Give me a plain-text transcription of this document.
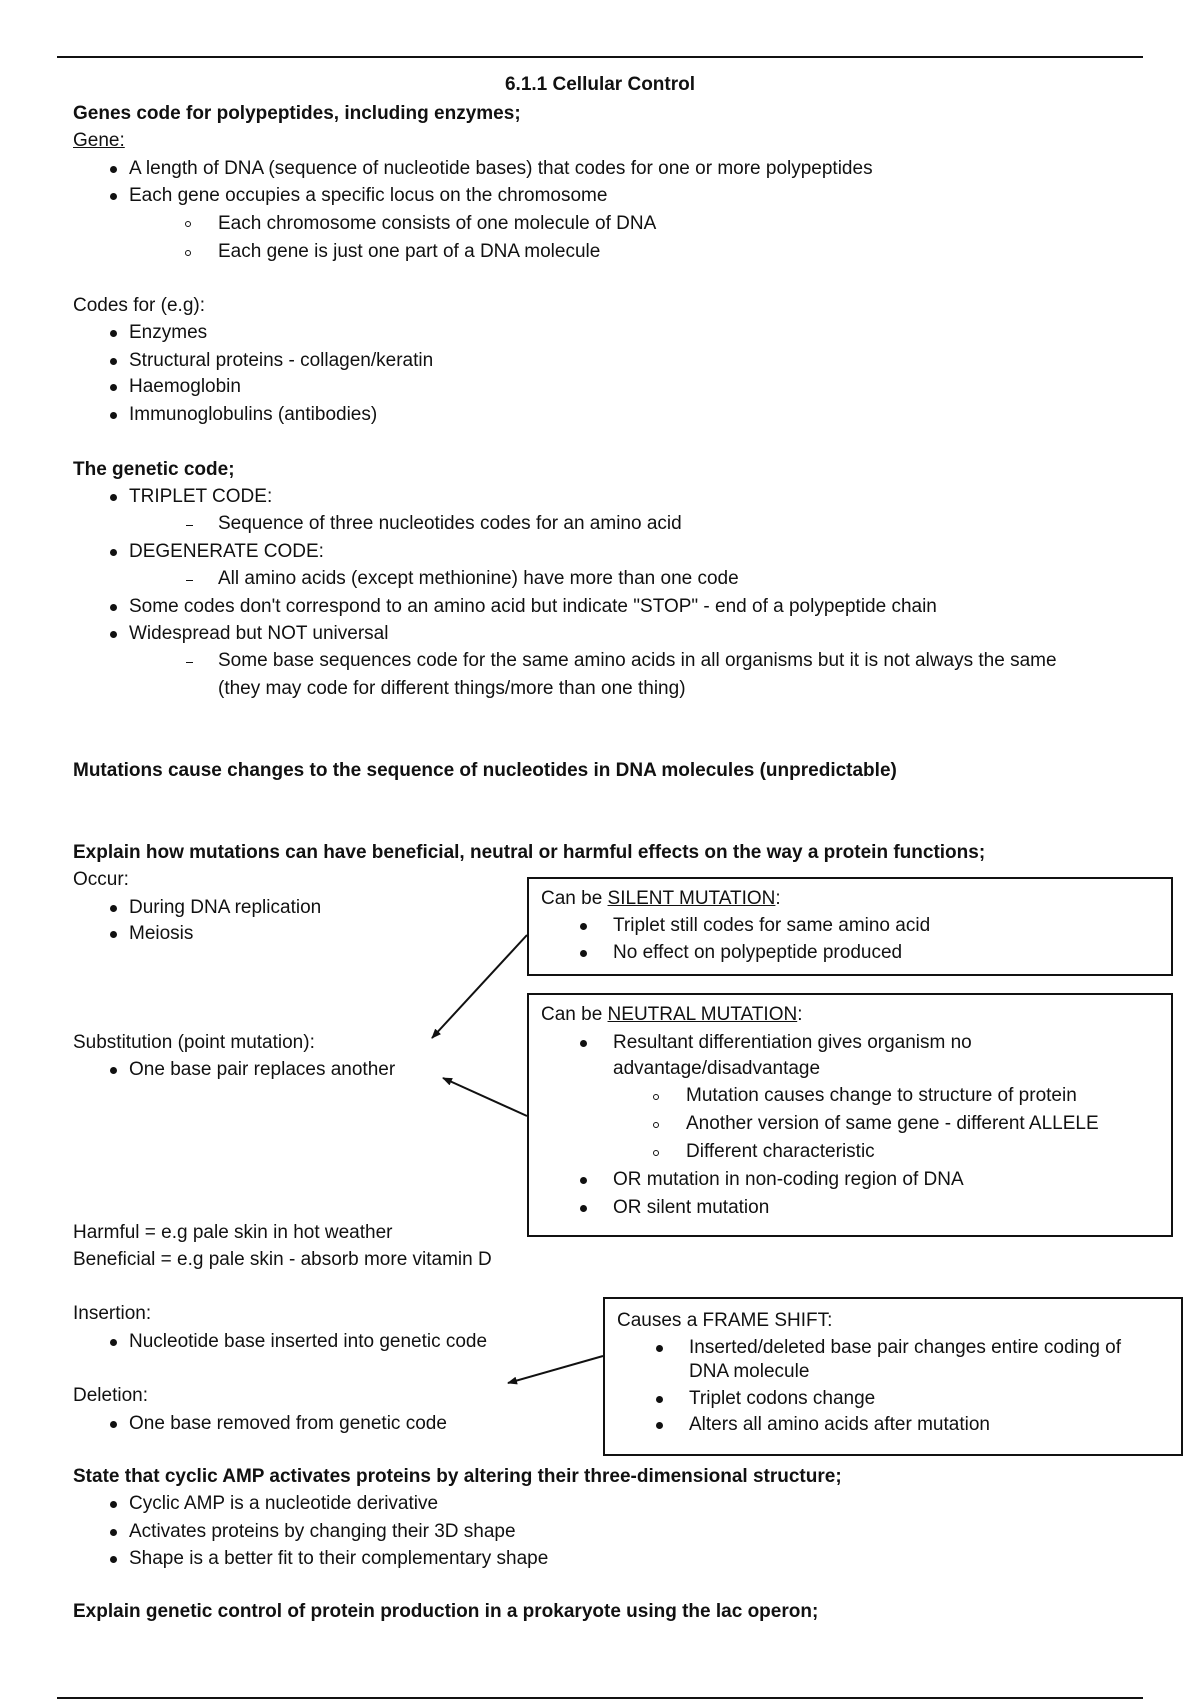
6.1.1 Cellular Control
Genes code for polypeptides, including enzymes;
Gene:
A length of DNA (sequence of nucleotide bases) that codes for one or more polypeptides
Each gene occupies a specific locus on the chromosome
Each chromosome consists of one molecule of DNA
Each gene is just one part of a DNA molecule
Codes for (e.g):
Enzymes
Structural proteins - collagen/keratin
Haemoglobin
Immunoglobulins (antibodies)
The genetic code;
TRIPLET CODE:
Sequence of three nucleotides codes for an amino acid
DEGENERATE CODE:
All amino acids (except methionine) have more than one code
Some codes don't correspond to an amino acid but indicate "STOP" - end of a polypeptide chain
Widespread but NOT universal
Some base sequences code for the same amino acids in all organisms but it is not always the same
(they may code for different things/more than one thing)
Mutations cause changes to the sequence of nucleotides in DNA molecules (unpredictable)
Explain how mutations can have beneficial, neutral or harmful effects on the way a protein functions;
Occur:
During DNA replication
Meiosis
Substitution (point mutation):
One base pair replaces another
Harmful = e.g pale skin in hot weather
Beneficial = e.g pale skin - absorb more vitamin D
Can be SILENT MUTATION:
Triplet still codes for same amino acid
No effect on polypeptide produced
Can be NEUTRAL MUTATION:
Resultant differentiation gives organism no
advantage/disadvantage
Mutation causes change to structure of protein
Another version of same gene - different ALLELE
Different characteristic
OR mutation in non-coding region of DNA
OR silent mutation
Insertion:
Nucleotide base inserted into genetic code
Deletion:
One base removed from genetic code
Causes a FRAME SHIFT:
Inserted/deleted base pair changes entire coding of
DNA molecule
Triplet codons change
Alters all amino acids after mutation
State that cyclic AMP activates proteins by altering their three-dimensional structure;
Cyclic AMP is a nucleotide derivative
Activates proteins by changing their 3D shape
Shape is a better fit to their complementary shape
Explain genetic control of protein production in a prokaryote using the lac operon;
